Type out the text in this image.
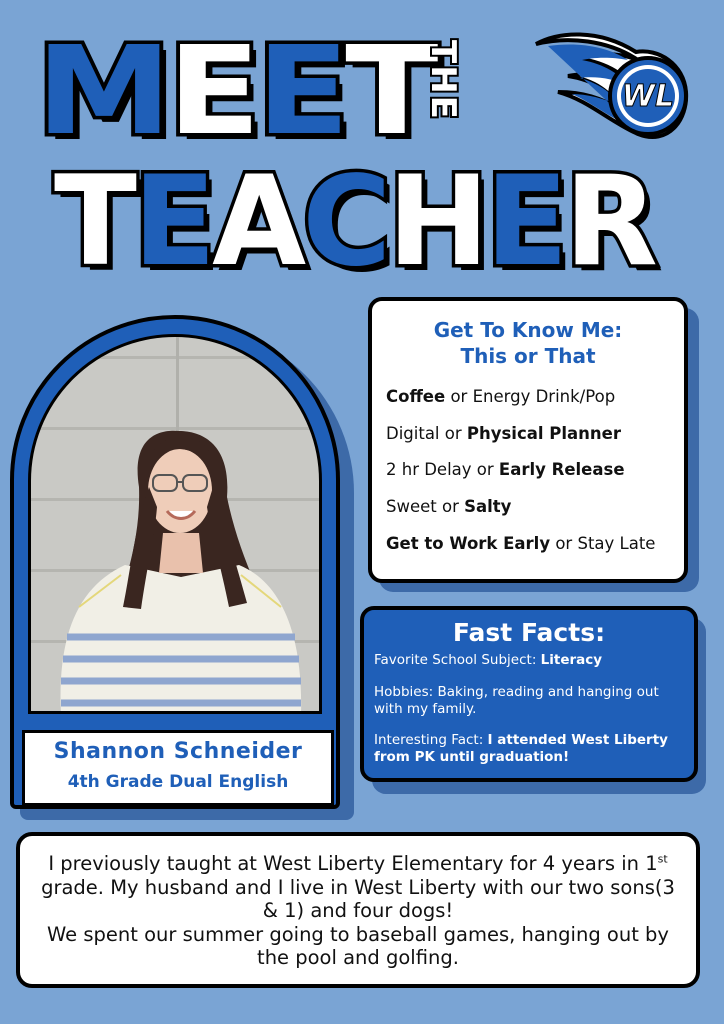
MEET
THE
TEACHER
WL
Shannon Schneider
4th Grade Dual English
Get To Know Me:
This or That
Coffee or Energy Drink/Pop
Digital or Physical Planner
2 hr Delay or Early Release
Sweet or Salty
Get to Work Early or Stay Late
Fast Facts:
Favorite School Subject: Literacy
Hobbies: Baking, reading and hanging out with my family.
Interesting Fact: I attended West Liberty from PK until graduation!
I previously taught at West Liberty Elementary for 4 years in 1st grade. My husband and I live in West Liberty with our two sons(3 & 1) and four dogs!
We spent our summer going to baseball games, hanging out by the pool and golfing.
